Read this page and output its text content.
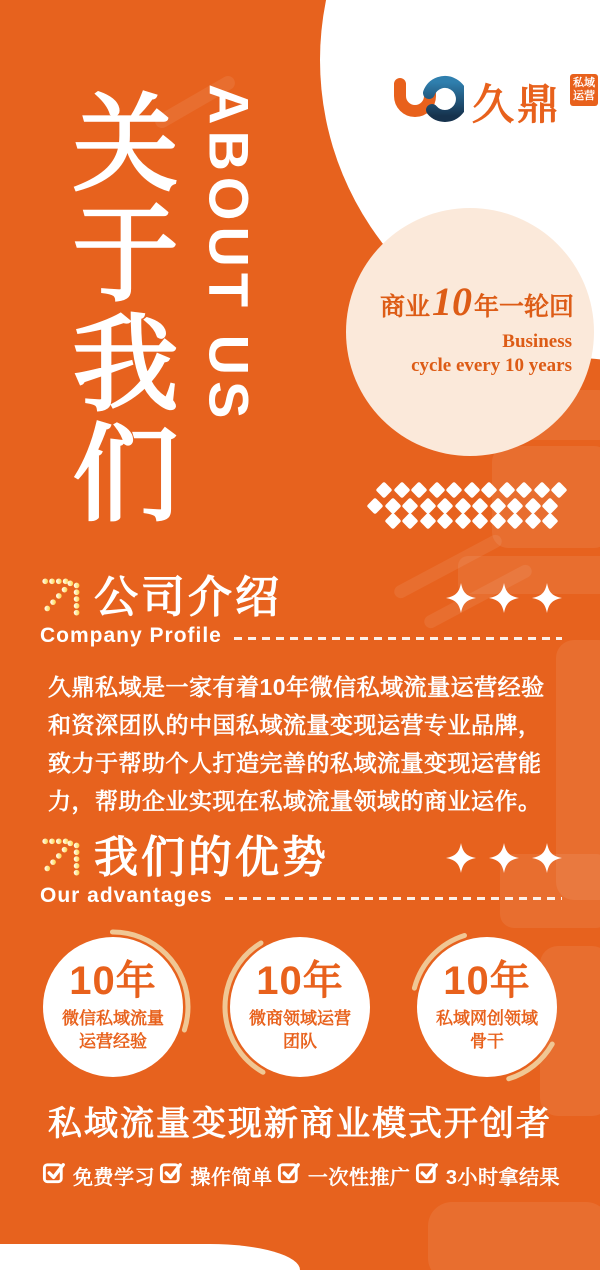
久鼎 私域
运营
关于我们 ABOUT US	商业 10 年一轮回
Business
cycle every 10 years
公司介绍
Company Profile
久鼎私域是一家有着10年微信私域流量运营经验和资深团队的中国私域流量变现运营专业品牌，致力于帮助个人打造完善的私域流量变现运营能力，帮助企业实现在私域流量领域的商业运作。
我们的优势
Our advantages
10年
微信私域流量
运营经验
10年
微商领域运营
团队
10年
私域网创领域
骨干
私域流量变现新商业模式开创者
免费学习 操作简单 一次性推广 3小时拿结果
